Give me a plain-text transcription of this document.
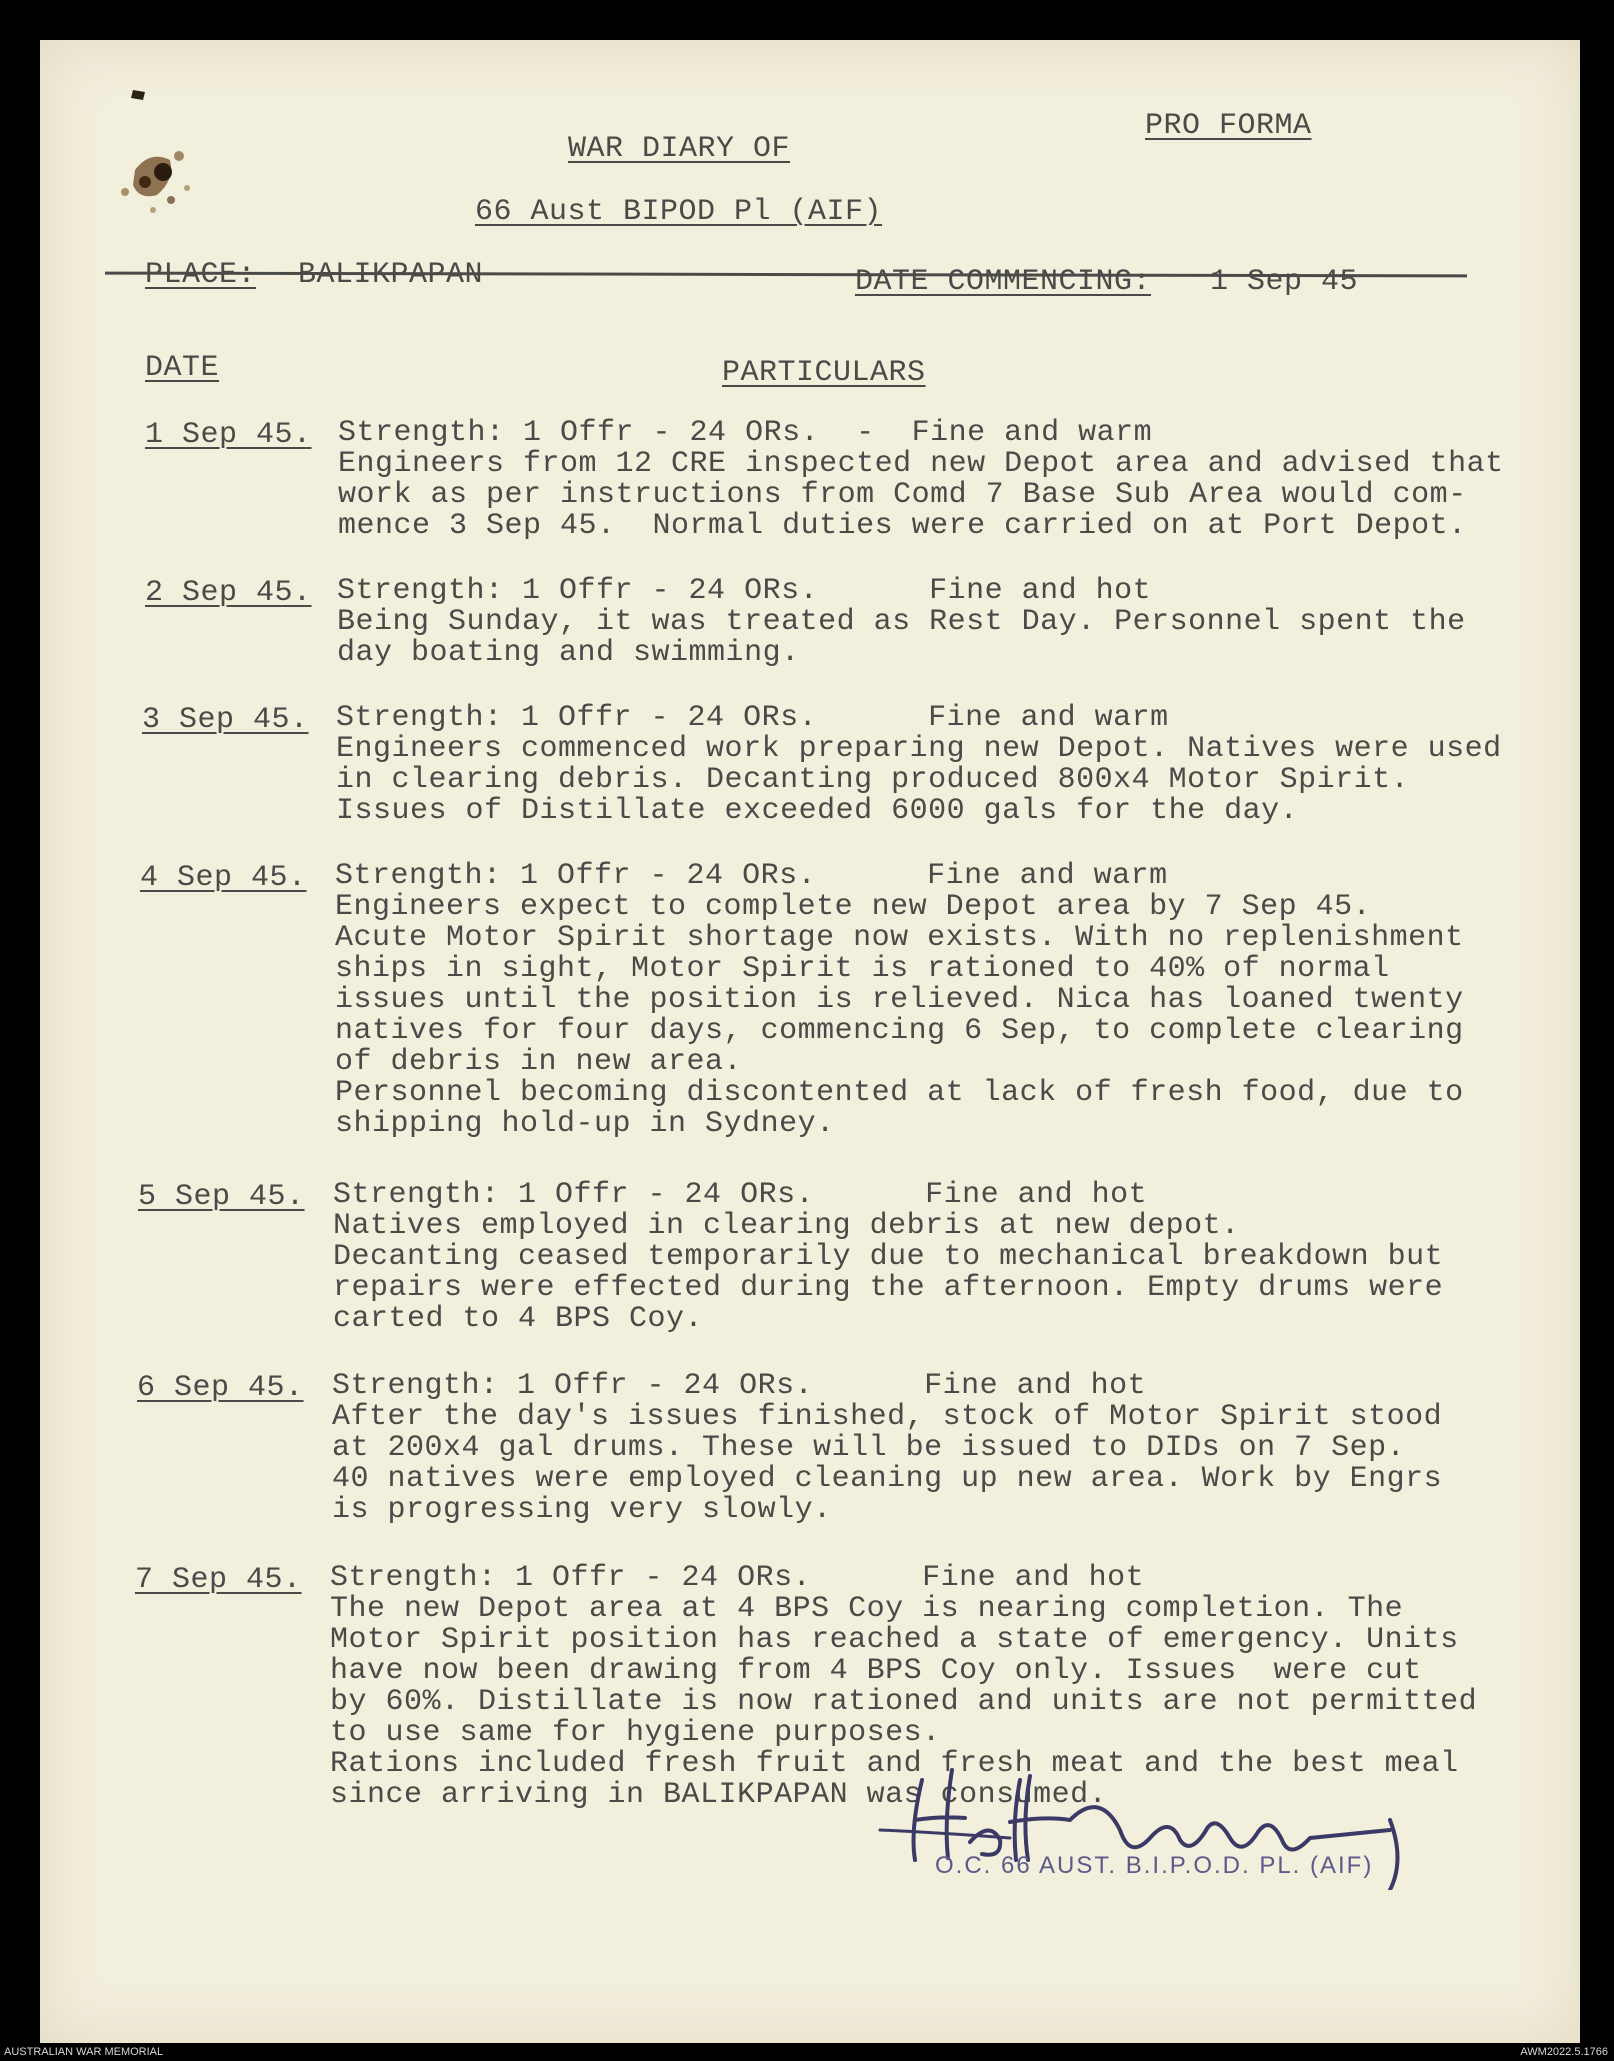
PRO FORMA
WAR DIARY OF
66 Aust BIPOD Pl (AIF)
PLACE: BALIKPAPAN	DATE COMMENCING: 1 Sep 45
DATE	PARTICULARS
1 Sep 45. Strength: 1 Offr - 24 ORs.  -  Fine and warm
Engineers from 12 CRE inspected new Depot area and advised that
work as per instructions from Comd 7 Base Sub Area would com-
mence 3 Sep 45.  Normal duties were carried on at Port Depot.
2 Sep 45. Strength: 1 Offr - 24 ORs.      Fine and hot
Being Sunday, it was treated as Rest Day. Personnel spent the
day boating and swimming.
3 Sep 45. Strength: 1 Offr - 24 ORs.      Fine and warm
Engineers commenced work preparing new Depot. Natives were used
in clearing debris. Decanting produced 800x4 Motor Spirit.
Issues of Distillate exceeded 6000 gals for the day.
4 Sep 45. Strength: 1 Offr - 24 ORs.      Fine and warm
Engineers expect to complete new Depot area by 7 Sep 45.
Acute Motor Spirit shortage now exists. With no replenishment
ships in sight, Motor Spirit is rationed to 40% of normal
issues until the position is relieved. Nica has loaned twenty
natives for four days, commencing 6 Sep, to complete clearing
of debris in new area.
Personnel becoming discontented at lack of fresh food, due to
shipping hold-up in Sydney.
5 Sep 45. Strength: 1 Offr - 24 ORs.      Fine and hot
Natives employed in clearing debris at new depot.
Decanting ceased temporarily due to mechanical breakdown but
repairs were effected during the afternoon. Empty drums were
carted to 4 BPS Coy.
6 Sep 45. Strength: 1 Offr - 24 ORs.      Fine and hot
After the day's issues finished, stock of Motor Spirit stood
at 200x4 gal drums. These will be issued to DIDs on 7 Sep.
40 natives were employed cleaning up new area. Work by Engrs
is progressing very slowly.
7 Sep 45. Strength: 1 Offr - 24 ORs.      Fine and hot
The new Depot area at 4 BPS Coy is nearing completion. The
Motor Spirit position has reached a state of emergency. Units
have now been drawing from 4 BPS Coy only. Issues  were cut
by 60%. Distillate is now rationed and units are not permitted
to use same for hygiene purposes.
Rations included fresh fruit and fresh meat and the best meal
since arriving in BALIKPAPAN was consumed.
O.C. 66 AUST. B.I.P.O.D. PL. (AIF)
AUSTRALIAN WAR MEMORIAL	AWM2022.5.1766
